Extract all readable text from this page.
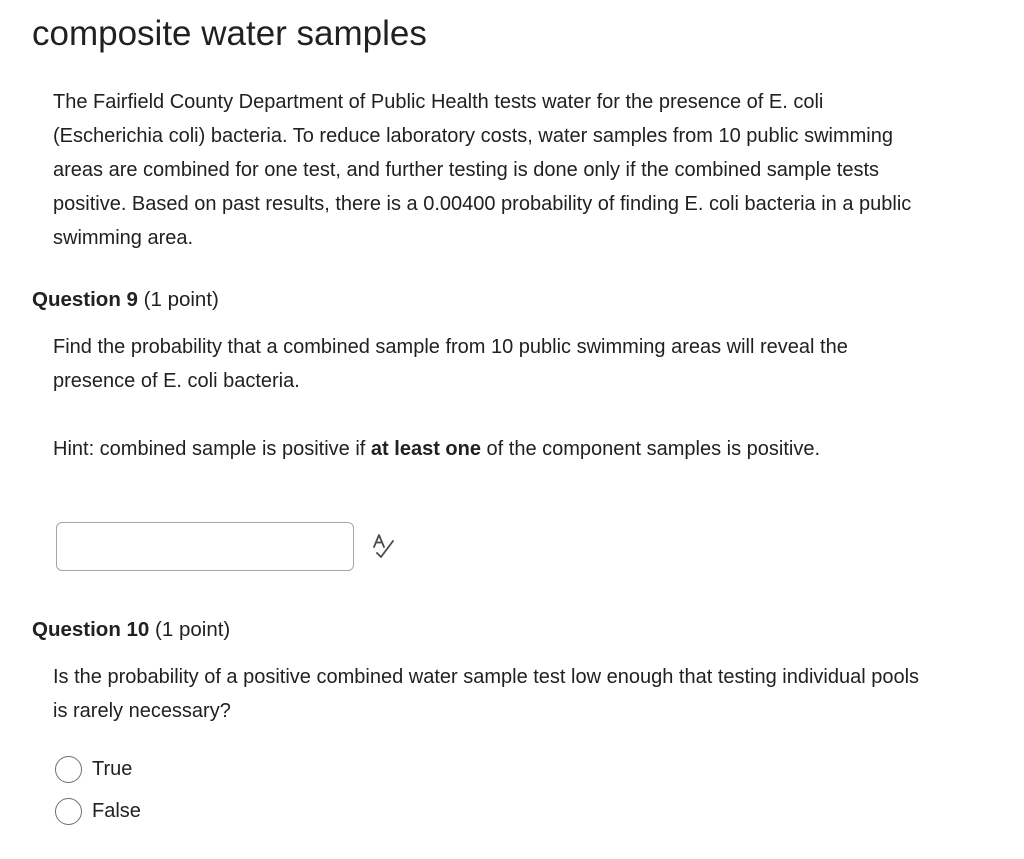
composite water samples

The Fairfield County Department of Public Health tests water for the presence of E. coli (Escherichia coli) bacteria. To reduce laboratory costs, water samples from 10 public swimming areas are combined for one test, and further testing is done only if the combined sample tests positive. Based on past results, there is a 0.00400 probability of finding E. coli bacteria in a public swimming area.

Question 9 (1 point)

Find the probability that a combined sample from 10 public swimming areas will reveal the presence of E. coli bacteria.

Hint: combined sample is positive if at least one of the component samples is positive.

Question 10 (1 point)

Is the probability of a positive combined water sample test low enough that testing individual pools is rarely necessary?

True
False
